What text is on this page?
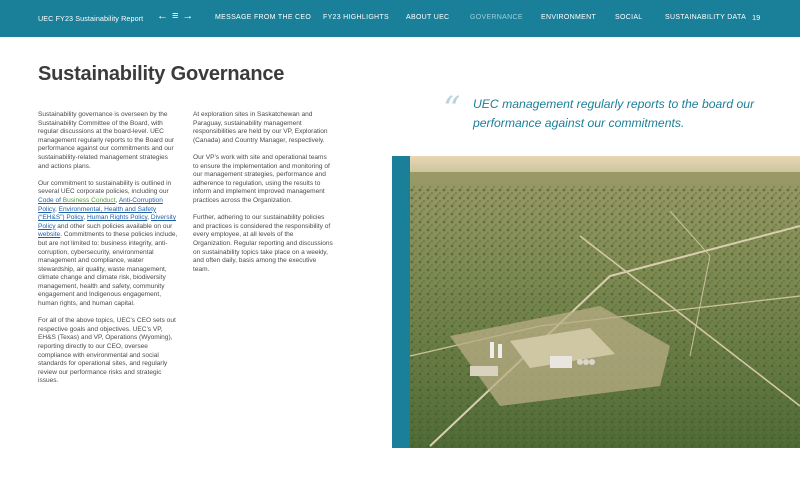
UEC FY23 Sustainability Report ← ≡ →	MESSAGE FROM THE CEO FY23 HIGHLIGHTS ABOUT UEC	GOVERNANCE	ENVIRONMENT	SOCIAL	SUSTAINABILITY DATA 19
Sustainability Governance

Sustainability governance is overseen by the Sustainability Committee of the Board, with regular discussions at the board-level. UEC management regularly reports to the Board our performance against our commitments and our sustainability-related management strategies and actions plans.

Our commitment to sustainability is outlined in several UEC corporate policies, including our Code of Business Conduct, Anti-Corruption Policy, Environmental, Health and Safety (“EH&S”) Policy, Human Rights Policy, Diversity Policy and other such policies available on our website. Commitments to these policies include, but are not limited to: business integrity, anti-corruption, cybersecurity, environmental management and compliance, water stewardship, air quality, waste management, climate change and climate risk, biodiversity management, health and safety, community engagement and Indigenous engagement, human rights, and human capital.

For all of the above topics, UEC’s CEO sets out respective goals and objectives. UEC’s VP, EH&S (Texas) and VP, Operations (Wyoming), reporting directly to our CEO, oversee compliance with environmental and social standards for operational sites, and regularly review our performance risks and strategic issues.

At exploration sites in Saskatchewan and Paraguay, sustainability management responsibilities are held by our VP, Exploration (Canada) and Country Manager, respectively.

Our VP’s work with site and operational teams to ensure the implementation and monitoring of our management strategies, performance and adherence to regulation, using the results to inform and implement improved management practices across the Organization.

Further, adhering to our sustainability policies and practices is considered the responsibility of every employee, at all levels of the Organization. Regular reporting and discussions on sustainability topics take place on a weekly, and often daily, basis among the executive team.

“ UEC management regularly reports to the board our performance against our commitments.
